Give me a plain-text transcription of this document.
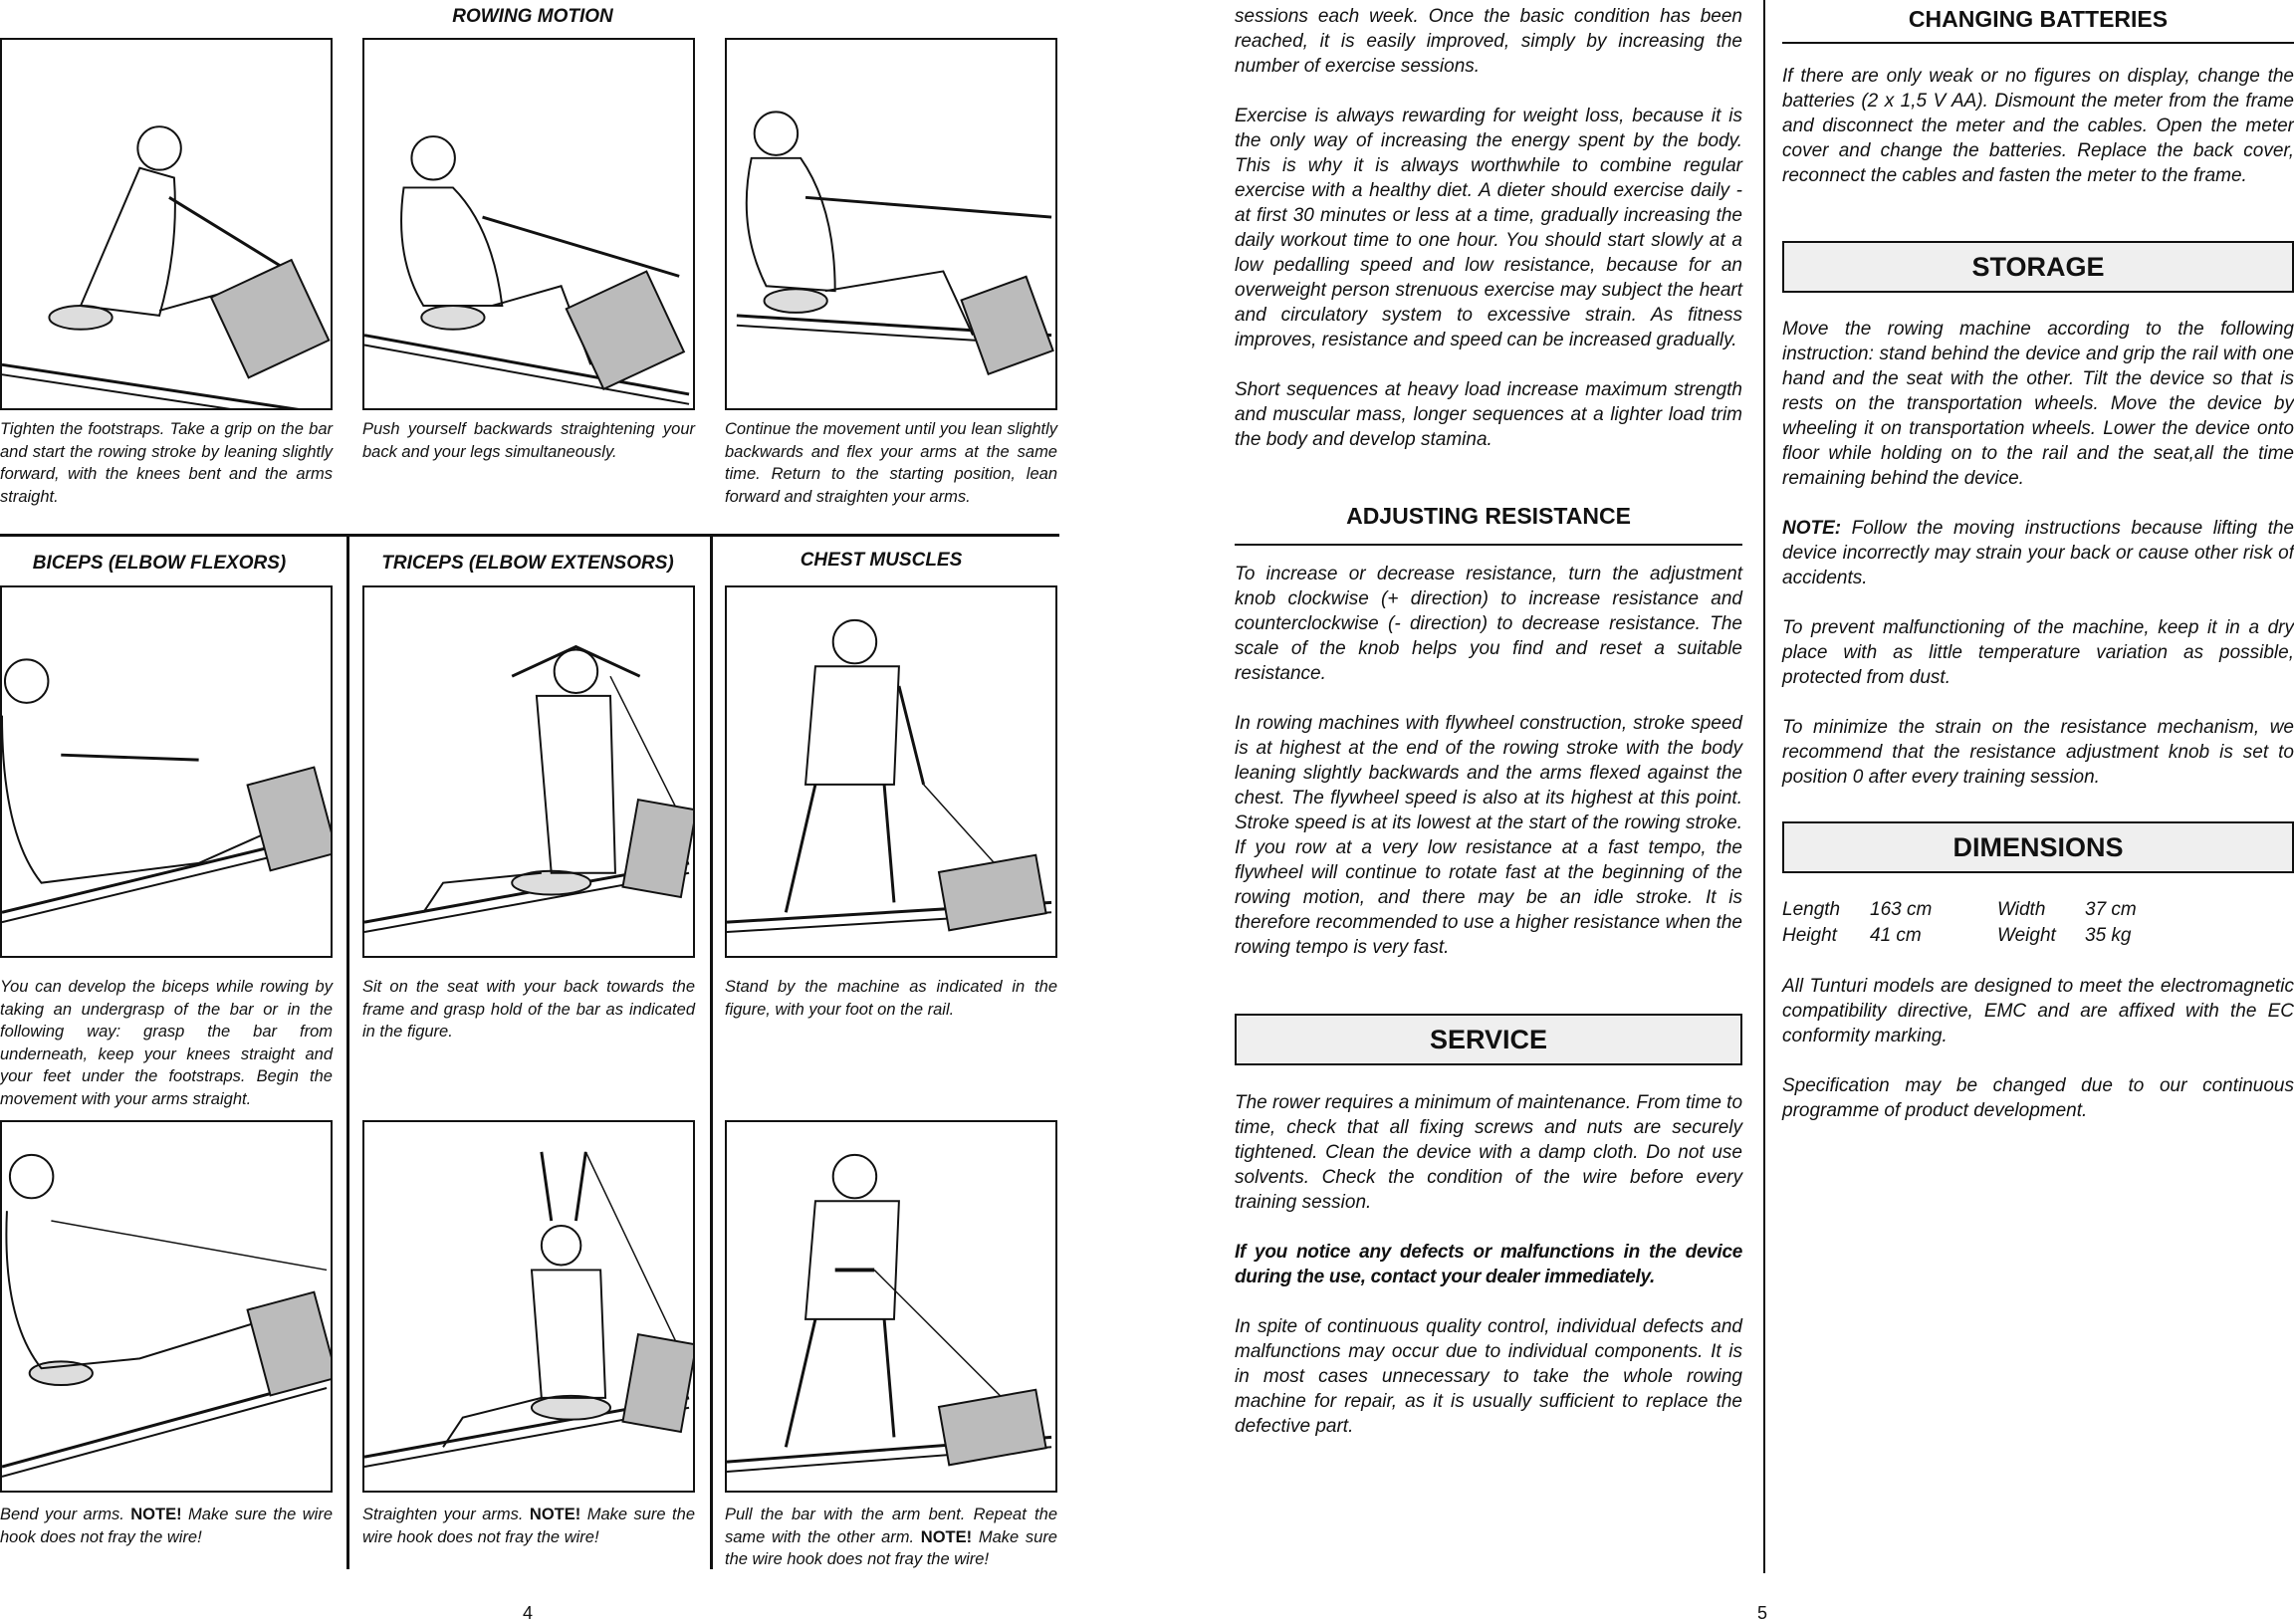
ROWING MOTION
Tighten the footstraps. Take a grip on the bar and start the rowing stroke by leaning slightly forward, with the knees bent and the arms straight.
Push yourself backwards straightening your back and your legs simultaneously.
Continue the movement until you lean slightly backwards and flex your arms at the same time. Return to the starting position, lean forward and straighten your arms.
BICEPS (ELBOW FLEXORS)	TRICEPS (ELBOW EXTENSORS)	CHEST MUSCLES
You can develop the biceps while rowing by taking an undergrasp of the bar or in the following way: grasp the bar from underneath, keep your knees straight and your feet under the footstraps. Begin the movement with your arms straight.
Sit on the seat with your back towards the frame and grasp hold of the bar as indicated in the figure.
Stand by the machine as indicated in the figure, with your foot on the rail.
Bend your arms. NOTE! Make sure the wire hook does not fray the wire!
Straighten your arms. NOTE! Make sure the wire hook does not fray the wire!
Pull the bar with the arm bent. Repeat the same with the other arm. NOTE! Make sure the wire hook does not fray the wire!
4

sessions each week. Once the basic condition has been reached, it is easily improved, simply by increasing the number of exercise sessions.

Exercise is always rewarding for weight loss, because it is the only way of increasing the energy spent by the body. This is why it is always worthwhile to combine regular exercise with a healthy diet. A dieter should exercise daily - at first 30 minutes or less at a time, gradually increasing the daily workout time to one hour. You should start slowly at a low pedalling speed and low resistance, because for an overweight person strenuous exercise may subject the heart and circulatory system to excessive strain. As fitness improves, resistance and speed can be increased gradually.

Short sequences at heavy load increase maximum strength and muscular mass, longer sequences at a lighter load trim the body and develop stamina.

ADJUSTING RESISTANCE

To increase or decrease resistance, turn the adjustment knob clockwise (+ direction) to increase resistance and counterclockwise (- direction) to decrease resistance. The scale of the knob helps you find and reset a suitable resistance.

In rowing machines with flywheel construction, stroke speed is at highest at the end of the rowing stroke with the body leaning slightly backwards and the arms flexed against the chest. The flywheel speed is also at its highest at this point. Stroke speed is at its lowest at the start of the rowing stroke. If you row at a very low resistance at a fast tempo, the flywheel will continue to rotate fast at the beginning of the rowing motion, and there may be an idle stroke. It is therefore recommended to use a higher resistance when the rowing tempo is very fast.

SERVICE

The rower requires a minimum of maintenance. From time to time, check that all fixing screws and nuts are securely tightened. Clean the device with a damp cloth. Do not use solvents. Check the condition of the wire before every training session.

If you notice any defects or malfunctions in the device during the use, contact your dealer immediately.

In spite of continuous quality control, individual defects and malfunctions may occur due to individual components. It is in most cases unnecessary to take the whole rowing machine for repair, as it is usually sufficient to replace the defective part.

5
CHANGING BATTERIES

If there are only weak or no figures on display, change the batteries (2 x 1,5 V AA). Dismount the meter from the frame and disconnect the meter and the cables. Open the meter cover and change the batteries. Replace the back cover, reconnect the cables and fasten the meter to the frame.

STORAGE

Move the rowing machine according to the following instruction: stand behind the device and grip the rail with one hand and the seat with the other. Tilt the device so that is rests on the transportation wheels. Move the device by wheeling it on transportation wheels. Lower the device onto floor while holding on to the rail and the seat,all the time remaining behind the device.

NOTE: Follow the moving instructions because lifting the device incorrectly may strain your back or cause other risk of accidents.

To prevent malfunctioning of the machine, keep it in a dry place with as little temperature variation as possible, protected from dust.

To minimize the strain on the resistance mechanism, we recommend that the resistance adjustment knob is set to position 0 after every training session.

DIMENSIONS
Length	163 cm	Width	37 cm
Height	41 cm	Weight	35 kg

All Tunturi models are designed to meet the electromagnetic compatibility directive, EMC and are affixed with the EC conformity marking.

Specification may be changed due to our continuous programme of product development.
